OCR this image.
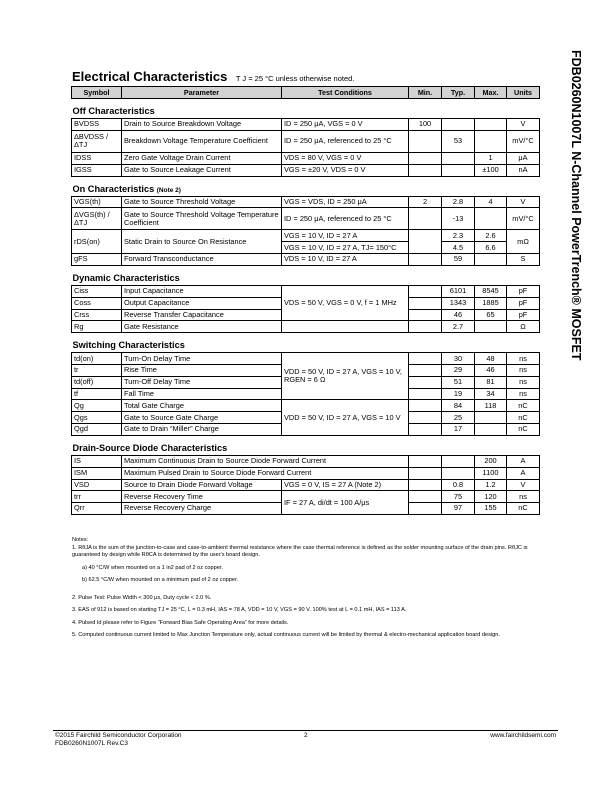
Electrical Characteristics T J = 25 °C unless otherwise noted.	FDB0260N1007L N-Channel PowerTrench® MOSFET
Symbol	Parameter	Test Conditions	Min.	Typ.	Max.	Units
Off Characteristics						
BVDSS	Drain to Source Breakdown Voltage	ID = 250 μA, VGS = 0 V	100			V
ΔBVDSS / ΔTJ	Breakdown Voltage Temperature Coefficient	ID = 250 μA, referenced to 25 °C		53		mV/°C
IDSS	Zero Gate Voltage Drain Current	VDS = 80 V, VGS = 0 V			1	μA
IGSS	Gate to Source Leakage Current	VGS = ±20 V, VDS = 0 V			±100	nA
On Characteristics (Note 2)						
VGS(th)	Gate to Source Threshold Voltage	VGS = VDS, ID = 250 μA	2	2.8	4	V
ΔVGS(th) / ΔTJ	Gate to Source Threshold Voltage Temperature Coefficient	ID = 250 μA, referenced to 25 °C		-13		mV/°C
rDS(on)	Static Drain to Source On Resistance	VGS = 10 V, ID = 27 A		2.3	2.6	mΩ
		VGS = 10 V, ID = 27 A, TJ= 150°C		4.5	6.6	
gFS	Forward Transconductance	VDS = 10 V, ID = 27 A		59		S
Dynamic Characteristics						
Ciss	Input Capacitance	VDS = 50 V, VGS = 0 V, f = 1 MHz		6101	8545	pF
Coss	Output Capacitance			1343	1885	pF
Crss	Reverse Transfer Capacitance			46	65	pF
Rg	Gate Resistance			2.7		Ω
Switching Characteristics						
td(on)	Turn-On Delay Time	VDD = 50 V, ID = 27 A, VGS = 10 V, RGEN = 6 Ω		30	48	ns
tr	Rise Time			29	46	ns
td(off)	Turn-Off Delay Time			51	81	ns
tf	Fall Time			19	34	ns
Qg	Total Gate Charge	VDD = 50 V, ID = 27 A, VGS = 10 V		84	118	nC
Qgs	Gate to Source Gate Charge			25		nC
Qgd	Gate to Drain “Miller” Charge			17		nC
Drain-Source Diode Characteristics						
IS	Maximum Continuous Drain to Source Diode Forward Current				200	A
ISM	Maximum Pulsed Drain to Source Diode Forward Current				1100	A
VSD	Source to Drain Diode Forward Voltage	VGS = 0 V, IS = 27 A (Note 2)		0.8	1.2	V
trr	Reverse Recovery Time	IF = 27 A, di/dt = 100 A/μs		75	120	ns
Qrr	Reverse Recovery Charge			97	155	nC
Notes:
1. RθJA is the sum of the junction-to-case and case-to-ambient thermal resistance where the case thermal reference is defined as the solder mounting surface of the drain pins. RθJC is guaranteed by design while RθCA is determined by the user's board design.
a) 40 °C/W when mounted on a 1 in2 pad of 2 oz copper.
b) 62.5 °C/W when mounted on a minimum pad of 2 oz copper.
2. Pulse Test: Pulse Width < 300 μs, Duty cycle < 2.0 %.
3. EAS of 912 is based on starting TJ = 25 °C, L = 0.3 mH, IAS = 78 A, VDD = 10 V, VGS = 90 V. 100% test at L = 0.1 mH, IAS = 113 A.
4. Pulsed Id please refer to Figure “Forward Bias Safe Operating Area” for more details.
5. Computed continuous current limited to Max Junction Temperature only, actual continuous current will be limited by thermal & electro-mechanical application board design.
©2015 Fairchild Semiconductor Corporation
FDB0260N1007L Rev.C3
2	www.fairchildsemi.com
